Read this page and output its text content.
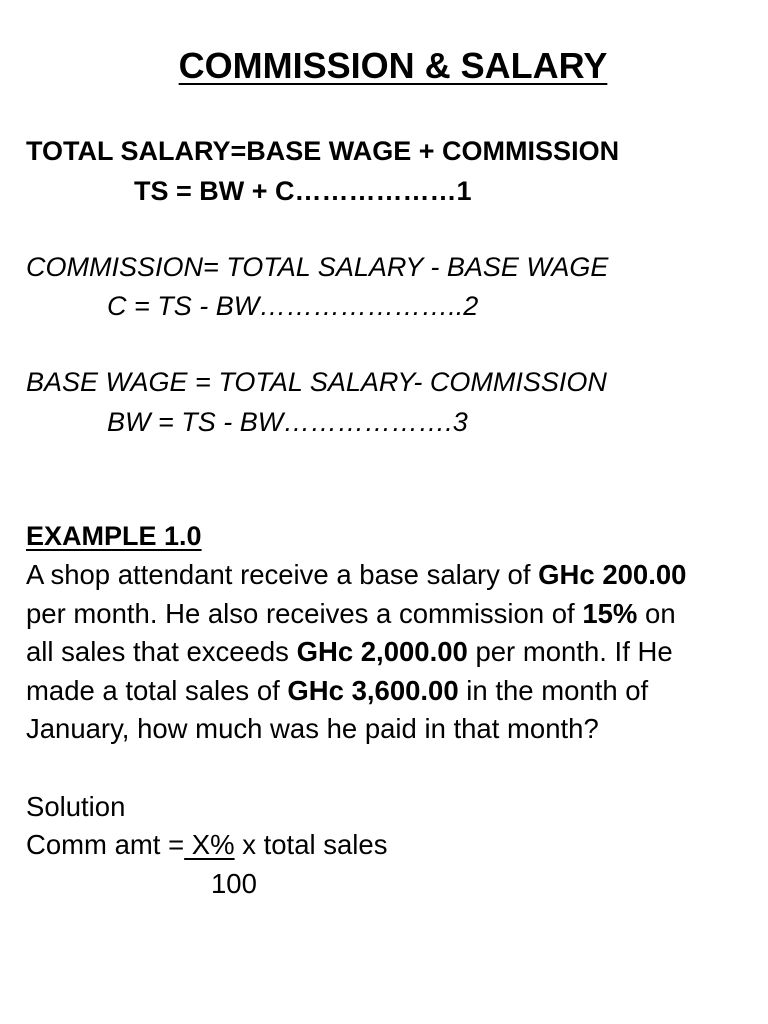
COMMISSION & SALARY
TOTAL SALARY=BASE WAGE + COMMISSION
TS = BW + C………………1
COMMISSION= TOTAL SALARY - BASE WAGE
C = TS - BW…………………..2
BASE WAGE = TOTAL SALARY- COMMISSION
BW = TS - BW……………….3
EXAMPLE 1.0
A shop attendant receive a base salary of GHc 200.00
per month. He also receives a commission of 15% on
all sales that exceeds GHc 2,000.00 per month. If He
made a total sales of GHc 3,600.00 in the month of
January, how much was he paid in that month?
Solution
Comm amt = X% x total sales
100
